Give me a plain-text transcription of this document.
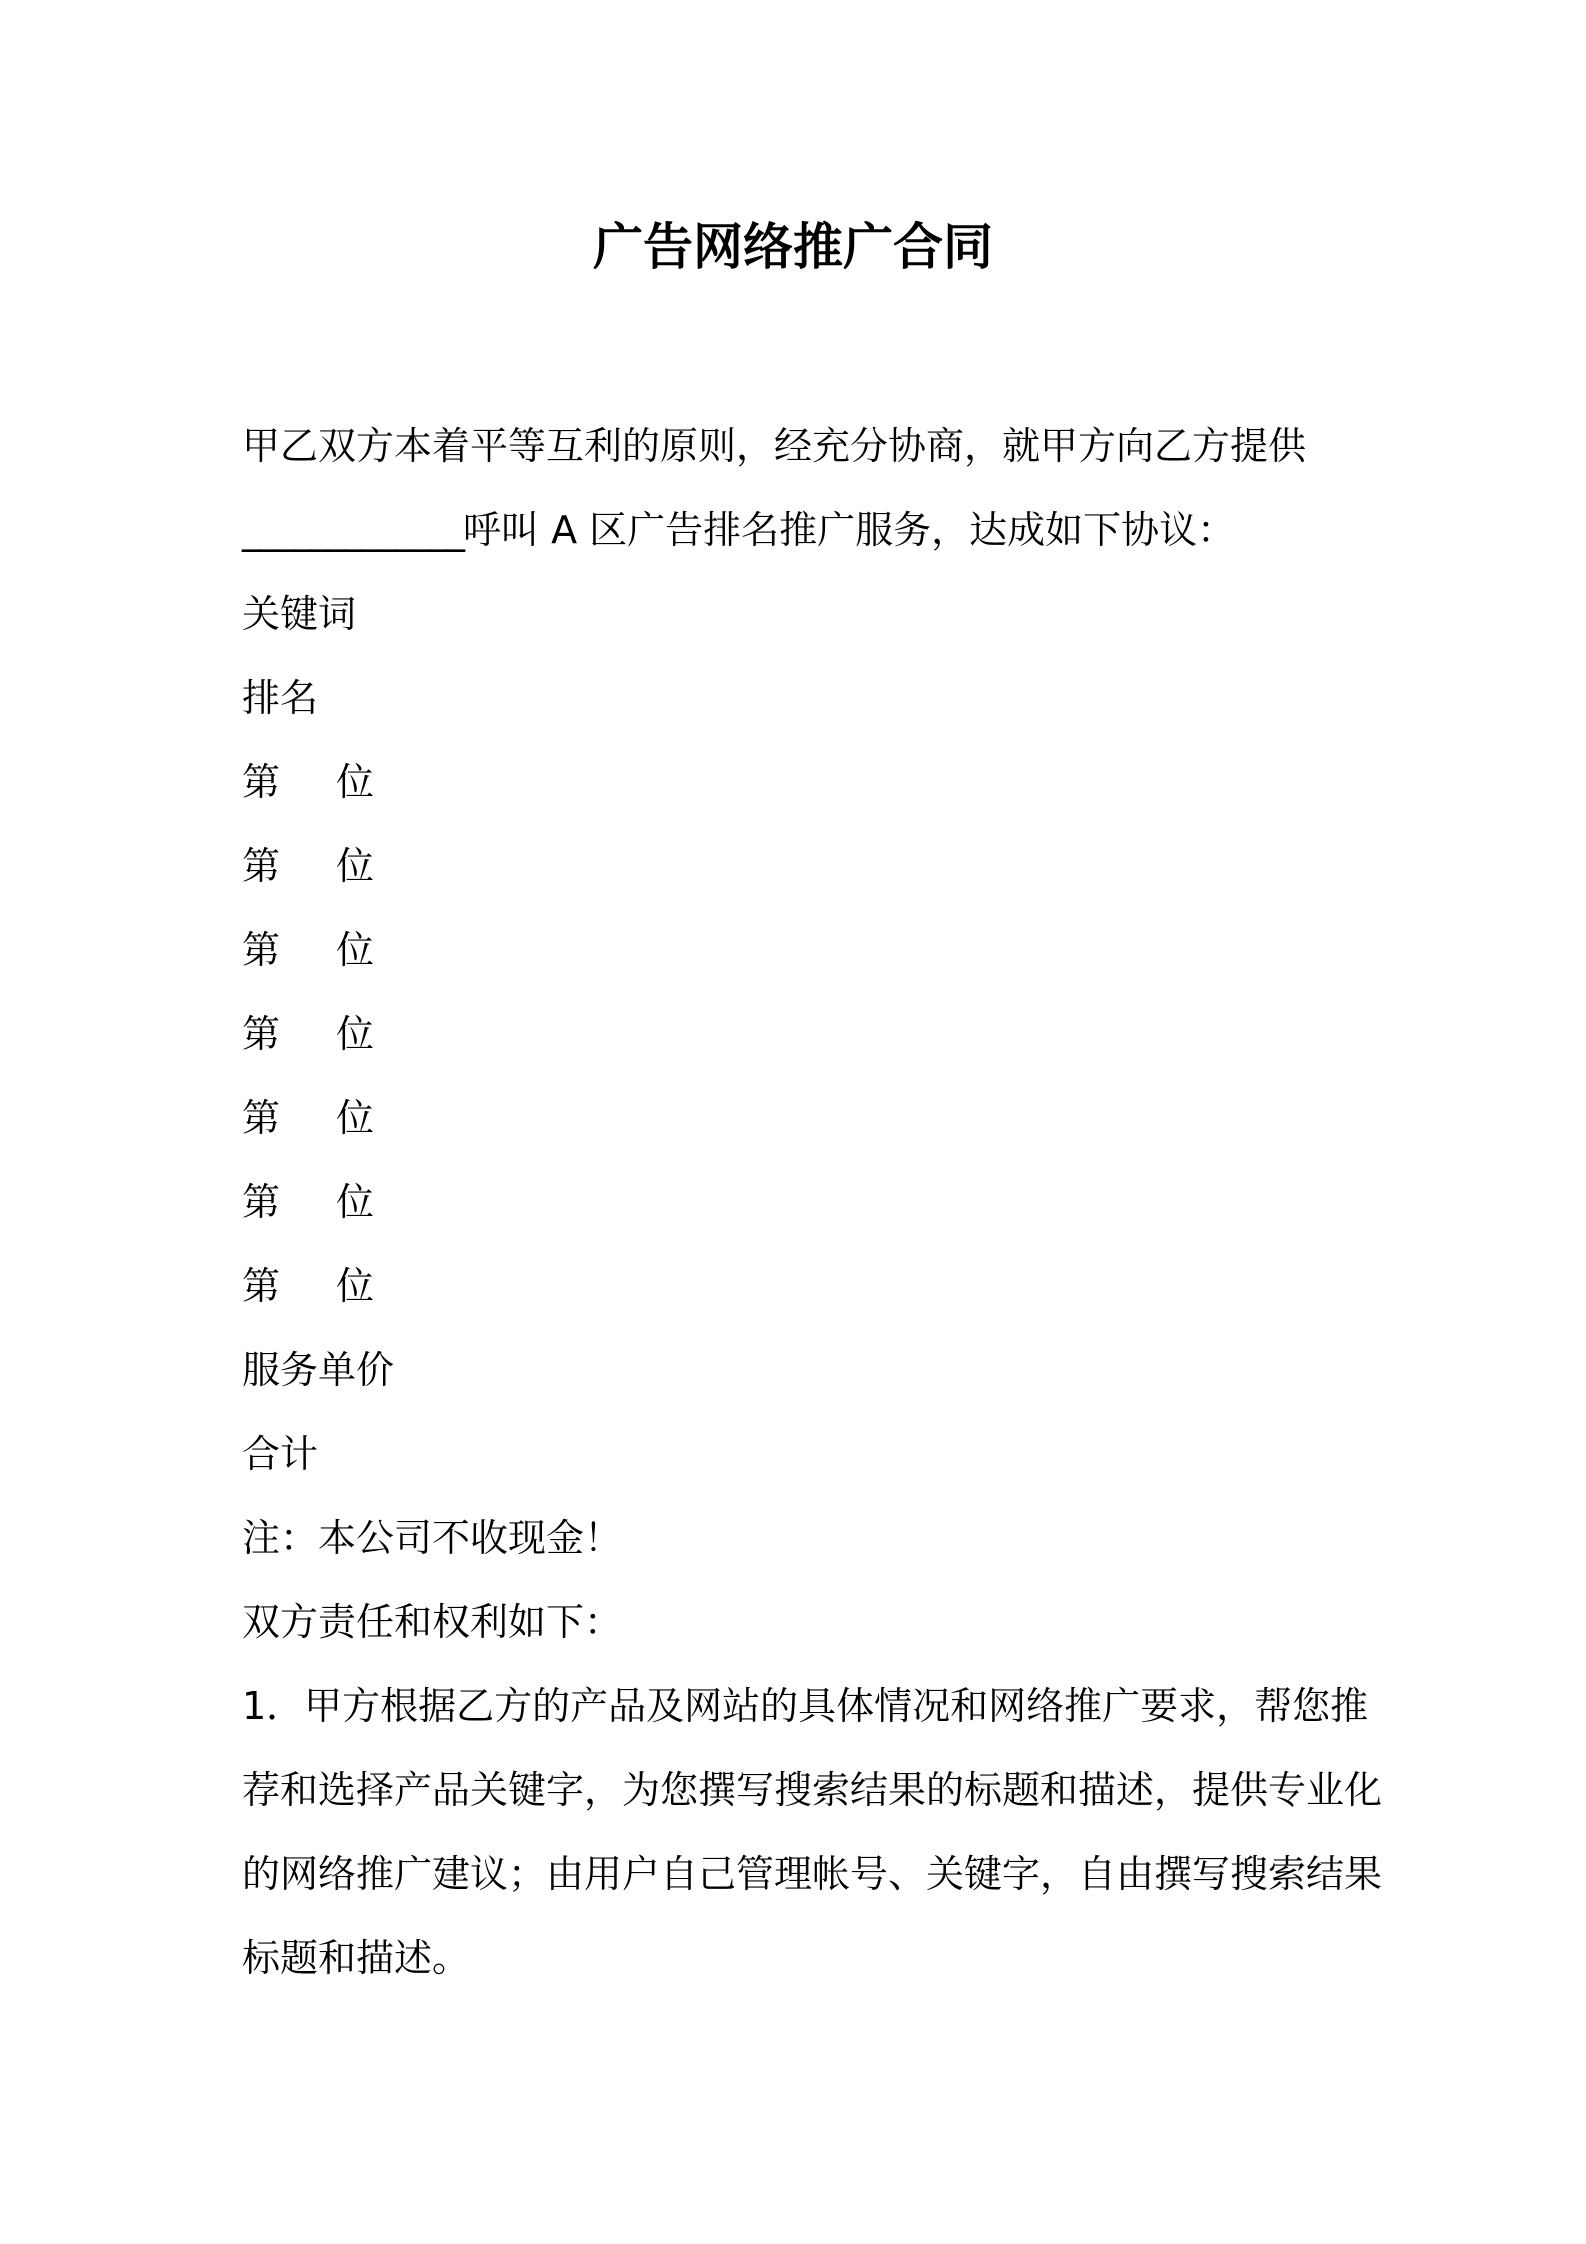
广告网络推广合同
甲乙双方本着平等互利的原则，经充分协商，就甲方向乙方提供
_____________呼叫 A 区广告排名推广服务，达成如下协议：
关键词
排名
第 位
第 位
第 位
第 位
第 位
第 位
第 位
服务单价
合计
注：本公司不收现金！
双方责任和权利如下：
1．甲方根据乙方的产品及网站的具体情况和网络推广要求，帮您推
荐和选择产品关键字，为您撰写搜索结果的标题和描述，提供专业化
的网络推广建议；由用户自己管理帐号、关键字，自由撰写搜索结果
标题和描述。
